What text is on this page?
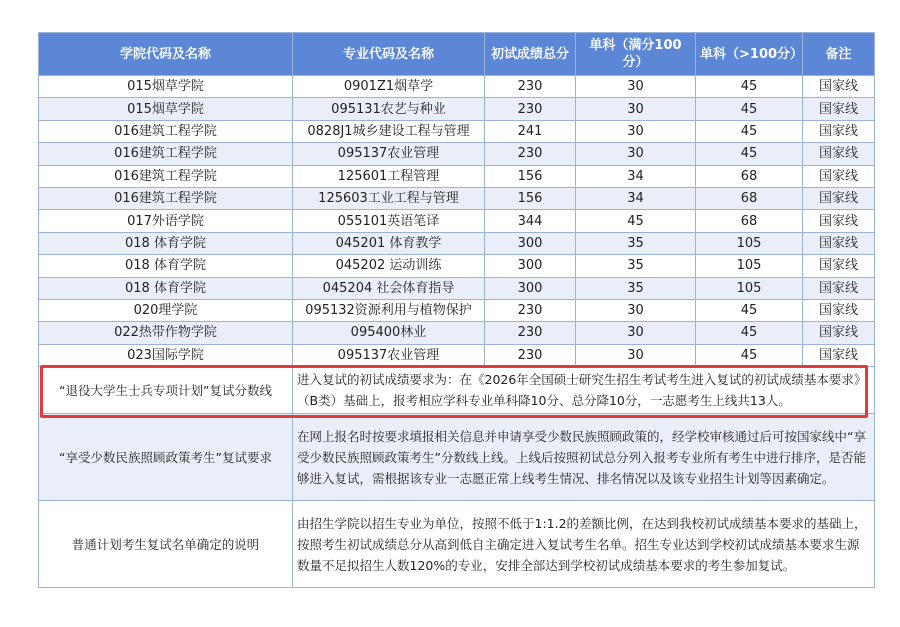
学院代码及名称	专业代码及名称	初试成绩总分	单科（满分100分）	单科（>100分）	备注
015烟草学院	0901Z1烟草学	230	30	45	国家线
015烟草学院	095131农艺与种业	230	30	45	国家线
016建筑工程学院	0828J1城乡建设工程与管理	241	30	45	国家线
016建筑工程学院	095137农业管理	230	30	45	国家线
016建筑工程学院	125601工程管理	156	34	68	国家线
016建筑工程学院	125603工业工程与管理	156	34	68	国家线
017外语学院	055101英语笔译	344	45	68	国家线
018 体育学院	045201 体育教学	300	35	105	国家线
018 体育学院	045202 运动训练	300	35	105	国家线
018 体育学院	045204 社会体育指导	300	35	105	国家线
020理学院	095132资源利用与植物保护	230	30	45	国家线
022热带作物学院	095400林业	230	30	45	国家线
023国际学院	095137农业管理	230	30	45	国家线
“退役大学生士兵专项计划”复试分数线	进入复试的初试成绩要求为：在《2026年全国硕士研究生招生考试考生进入复试的初试成绩基本要求》（B类）基础上，报考相应学科专业单科降10分、总分降10分，一志愿考生上线共13人。				
“享受少数民族照顾政策考生”复试要求	在网上报名时按要求填报相关信息并申请享受少数民族照顾政策的，经学校审核通过后可按国家线中“享受少数民族照顾政策考生”分数线上线。上线后按照初试总分列入报考专业所有考生中进行排序，是否能够进入复试，需根据该专业一志愿正常上线考生情况、排名情况以及该专业招生计划等因素确定。				
普通计划考生复试名单确定的说明	由招生学院以招生专业为单位，按照不低于1:1.2的差额比例，在达到我校初试成绩基本要求的基础上，按照考生初试成绩总分从高到低自主确定进入复试考生名单。招生专业达到学校初试成绩基本要求生源数量不足拟招生人数120%的专业，安排全部达到学校初试成绩基本要求的考生参加复试。				
